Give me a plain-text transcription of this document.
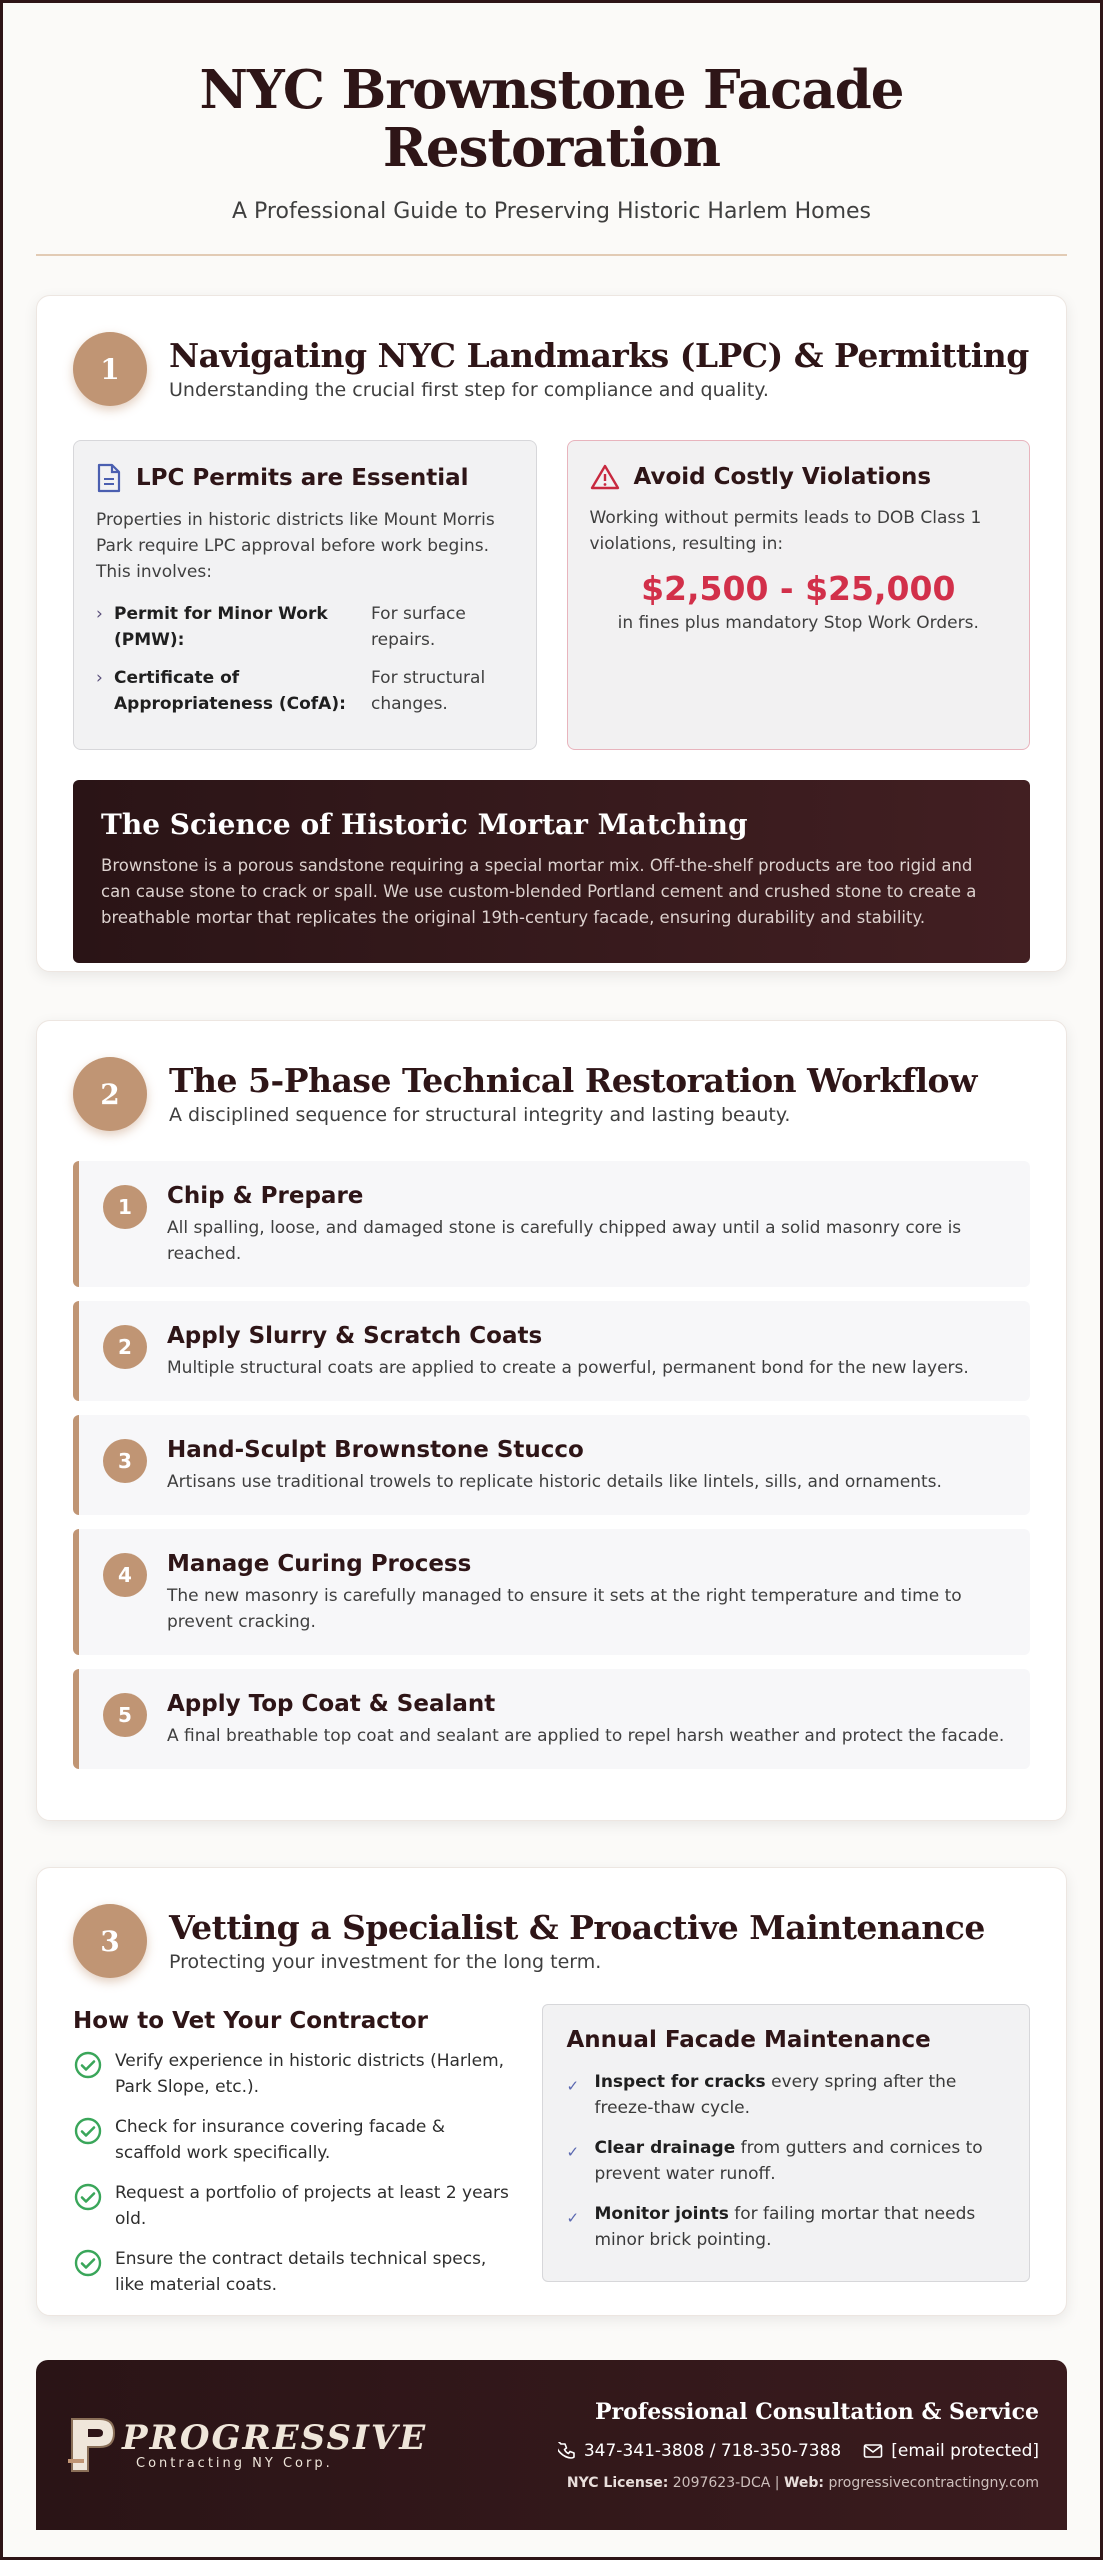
NYC Brownstone Facade
Restoration

A Professional Guide to Preserving Historic Harlem Homes

1	Navigating NYC Landmarks (LPC) & Permitting

Understanding the crucial first step for compliance and quality.

LPC Permits are Essential

Properties in historic districts like Mount Morris Park require LPC approval before work begins. This involves:

› Permit for Minor Work (PMW):
For surface repairs.
› Certificate of Appropriateness (CofA):
For structural changes.
Avoid Costly Violations

Working without permits leads to DOB Class 1 violations, resulting in:

$2,500 - $25,000

in fines plus mandatory Stop Work Orders.

The Science of Historic Mortar Matching

Brownstone is a porous sandstone requiring a special mortar mix. Off-the-shelf products are too rigid and can cause stone to crack or spall. We use custom-blended Portland cement and crushed stone to create a breathable mortar that replicates the original 19th-century facade, ensuring durability and stability.

2	The 5-Phase Technical Restoration Workflow

A disciplined sequence for structural integrity and lasting beauty.

1	Chip & Prepare

All spalling, loose, and damaged stone is carefully chipped away until a solid masonry core is reached.

2	Apply Slurry & Scratch Coats

Multiple structural coats are applied to create a powerful, permanent bond for the new layers.

3	Hand-Sculpt Brownstone Stucco

Artisans use traditional trowels to replicate historic details like lintels, sills, and ornaments.

4	Manage Curing Process

The new masonry is carefully managed to ensure it sets at the right temperature and time to prevent cracking.

5	Apply Top Coat & Sealant

A final breathable top coat and sealant are applied to repel harsh weather and protect the facade.

3	Vetting a Specialist & Proactive Maintenance

Protecting your investment for the long term.

How to Vet Your Contractor
Verify experience in historic districts (Harlem, Park Slope, etc.).
Check for insurance covering facade & scaffold work specifically.
Request a portfolio of projects at least 2 years old.
Ensure the contract details technical specs, like material coats.
Annual Facade Maintenance
✓ Inspect for cracks every spring after the freeze-thaw cycle.
✓ Clear drainage from gutters and cornices to prevent water runoff.
✓ Monitor joints for failing mortar that needs minor brick pointing.
PROGRESSIVE
Contracting NY Corp.
Professional Consultation & Service
347-341-3808 / 718-350-7388	[email protected]
NYC License: 2097623-DCA | Web: progressivecontractingny.com
